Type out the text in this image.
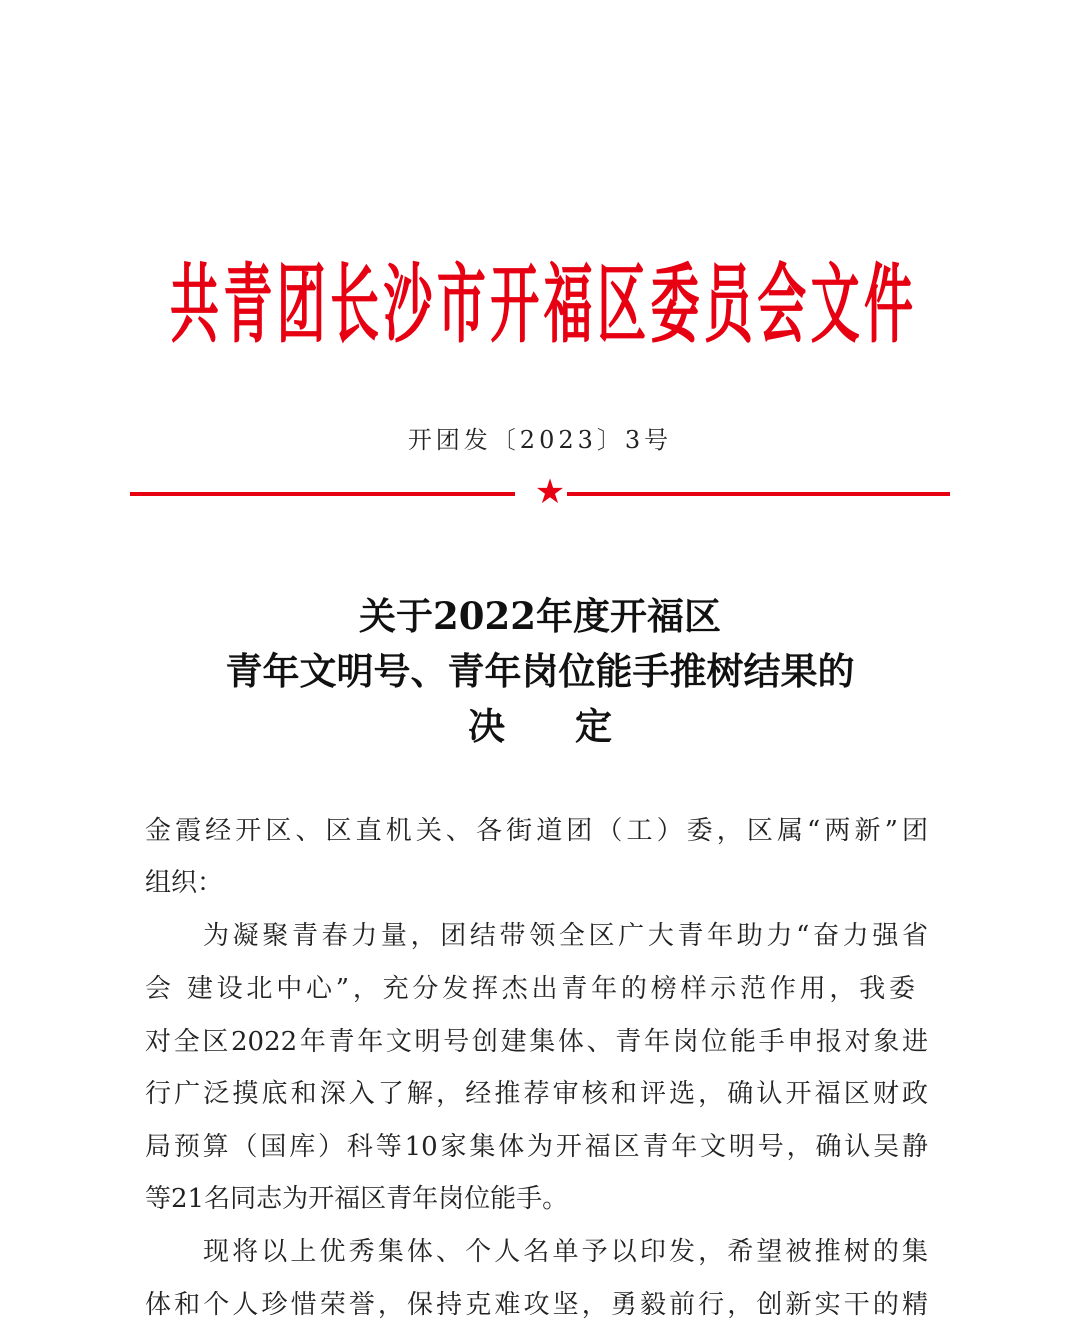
共青团长沙市开福区委员会文件
开团发〔2023〕3号
★
关于2022年度开福区
青年文明号、青年岗位能手推树结果的
决 定
金霞经开区、区直机关、各街道团（工）委，区属“两新”团
组织：
为凝聚青春力量，团结带领全区广大青年助力“奋力强省
会 建设北中心”，充分发挥杰出青年的榜样示范作用，我委
对全区2022年青年文明号创建集体、青年岗位能手申报对象进
行广泛摸底和深入了解，经推荐审核和评选，确认开福区财政
局预算（国库）科等10家集体为开福区青年文明号，确认吴静
等21名同志为开福区青年岗位能手。
现将以上优秀集体、个人名单予以印发，希望被推树的集
体和个人珍惜荣誉，保持克难攻坚，勇毅前行，创新实干的精
